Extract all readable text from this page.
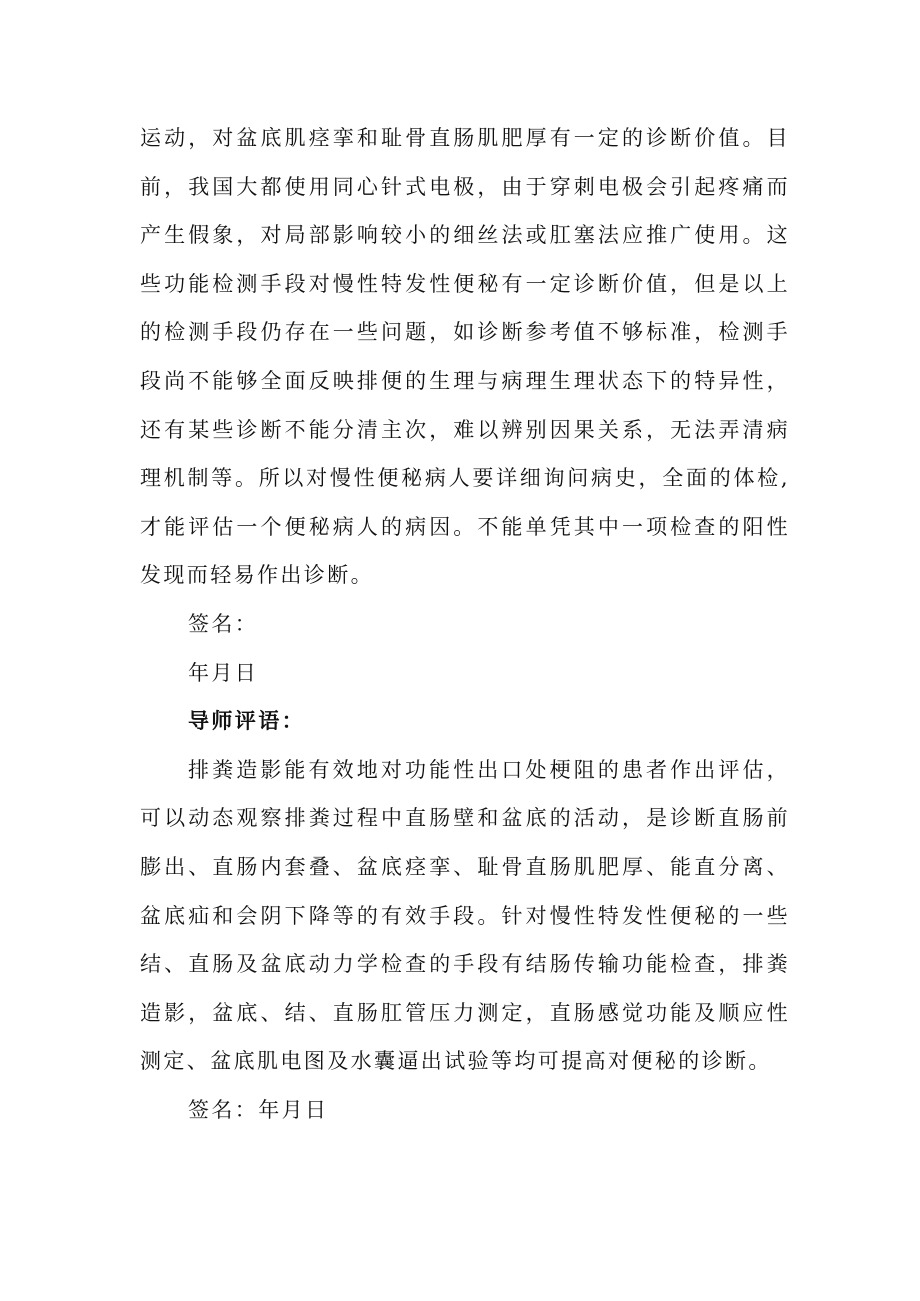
运动，对盆底肌痉挛和耻骨直肠肌肥厚有一定的诊断价值。目前，我国大都使用同心针式电极，由于穿刺电极会引起疼痛而产生假象，对局部影响较小的细丝法或肛塞法应推广使用。这些功能检测手段对慢性特发性便秘有一定诊断价值，但是以上的检测手段仍存在一些问题，如诊断参考值不够标准，检测手段尚不能够全面反映排便的生理与病理生理状态下的特异性，还有某些诊断不能分清主次，难以辨别因果关系，无法弄清病理机制等。所以对慢性便秘病人要详细询问病史，全面的体检,才能评估一个便秘病人的病因。不能单凭其中一项检查的阳性发现而轻易作出诊断。

签名：

年月日

导师评语：

排粪造影能有效地对功能性出口处梗阻的患者作出评估，可以动态观察排粪过程中直肠壁和盆底的活动，是诊断直肠前膨出、直肠内套叠、盆底痉挛、耻骨直肠肌肥厚、能直分离、盆底疝和会阴下降等的有效手段。针对慢性特发性便秘的一些结、直肠及盆底动力学检查的手段有结肠传输功能检查，排粪造影，盆底、结、直肠肛管压力测定，直肠感觉功能及顺应性测定、盆底肌电图及水囊逼出试验等均可提高对便秘的诊断。

签名：年月日
